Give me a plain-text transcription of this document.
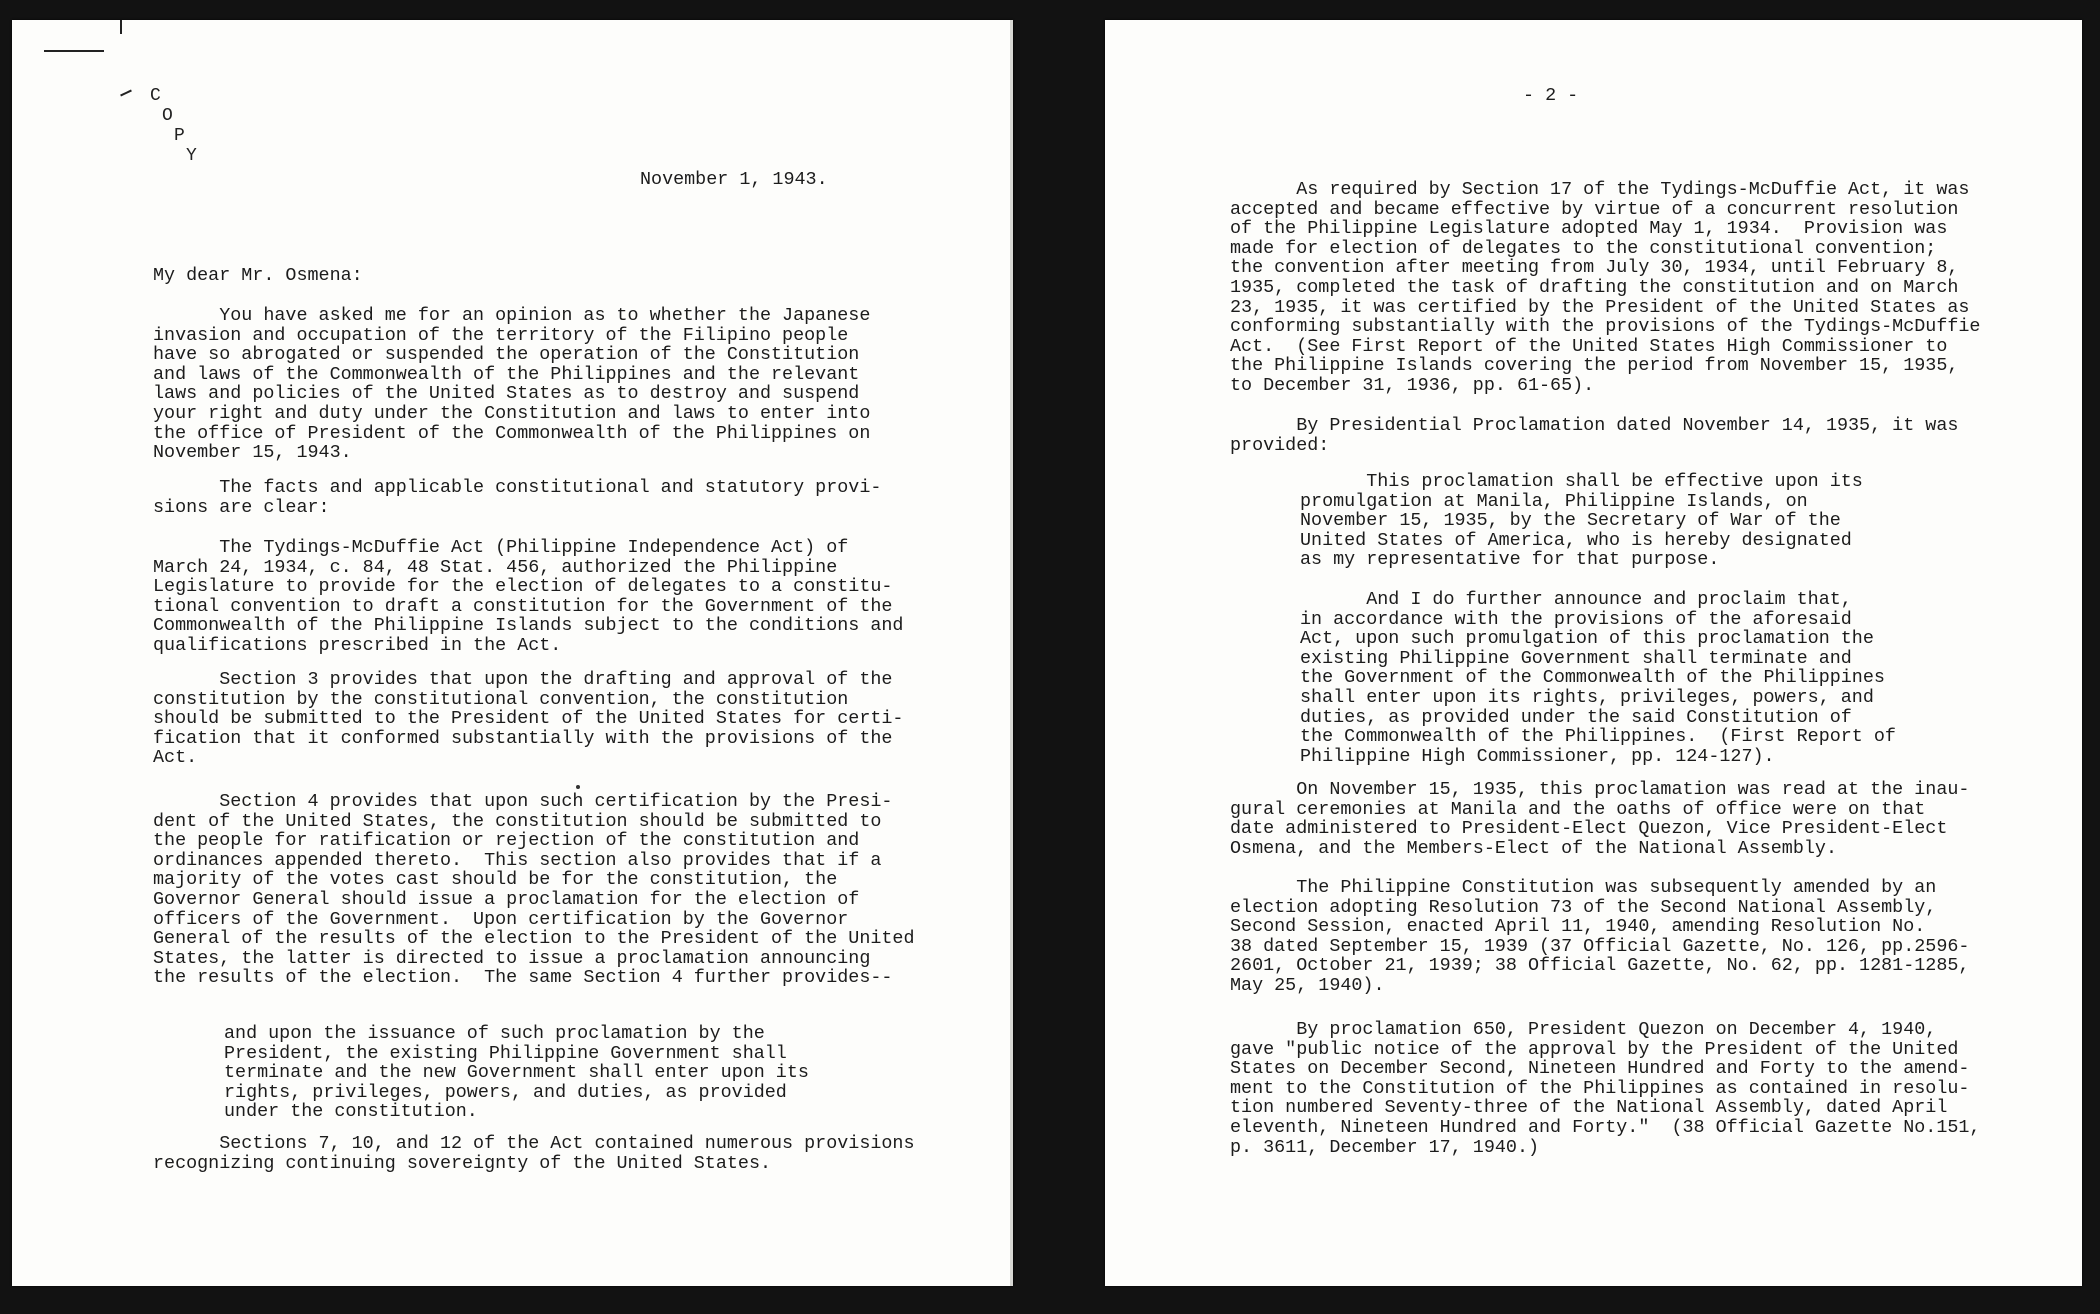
C
O
P
Y
November 1, 1943.
My dear Mr. Osmena:
You have asked me for an opinion as to whether the Japanese
invasion and occupation of the territory of the Filipino people
have so abrogated or suspended the operation of the Constitution
and laws of the Commonwealth of the Philippines and the relevant
laws and policies of the United States as to destroy and suspend
your right and duty under the Constitution and laws to enter into
the office of President of the Commonwealth of the Philippines on
November 15, 1943.
The facts and applicable constitutional and statutory provi-
sions are clear:
The Tydings-McDuffie Act (Philippine Independence Act) of
March 24, 1934, c. 84, 48 Stat. 456, authorized the Philippine
Legislature to provide for the election of delegates to a constitu-
tional convention to draft a constitution for the Government of the
Commonwealth of the Philippine Islands subject to the conditions and
qualifications prescribed in the Act.
Section 3 provides that upon the drafting and approval of the
constitution by the constitutional convention, the constitution
should be submitted to the President of the United States for certi-
fication that it conformed substantially with the provisions of the
Act.
Section 4 provides that upon such certification by the Presi-
dent of the United States, the constitution should be submitted to
the people for ratification or rejection of the constitution and
ordinances appended thereto.  This section also provides that if a
majority of the votes cast should be for the constitution, the
Governor General should issue a proclamation for the election of
officers of the Government.  Upon certification by the Governor
General of the results of the election to the President of the United
States, the latter is directed to issue a proclamation announcing
the results of the election.  The same Section 4 further provides--
and upon the issuance of such proclamation by the
President, the existing Philippine Government shall
terminate and the new Government shall enter upon its
rights, privileges, powers, and duties, as provided
under the constitution.
Sections 7, 10, and 12 of the Act contained numerous provisions
recognizing continuing sovereignty of the United States.
- 2 -
As required by Section 17 of the Tydings-McDuffie Act, it was
accepted and became effective by virtue of a concurrent resolution
of the Philippine Legislature adopted May 1, 1934.  Provision was
made for election of delegates to the constitutional convention;
the convention after meeting from July 30, 1934, until February 8,
1935, completed the task of drafting the constitution and on March
23, 1935, it was certified by the President of the United States as
conforming substantially with the provisions of the Tydings-McDuffie
Act.  (See First Report of the United States High Commissioner to
the Philippine Islands covering the period from November 15, 1935,
to December 31, 1936, pp. 61-65).
By Presidential Proclamation dated November 14, 1935, it was
provided:
This proclamation shall be effective upon its
promulgation at Manila, Philippine Islands, on
November 15, 1935, by the Secretary of War of the
United States of America, who is hereby designated
as my representative for that purpose.
And I do further announce and proclaim that,
in accordance with the provisions of the aforesaid
Act, upon such promulgation of this proclamation the
existing Philippine Government shall terminate and
the Government of the Commonwealth of the Philippines
shall enter upon its rights, privileges, powers, and
duties, as provided under the said Constitution of
the Commonwealth of the Philippines.  (First Report of
Philippine High Commissioner, pp. 124-127).
On November 15, 1935, this proclamation was read at the inau-
gural ceremonies at Manila and the oaths of office were on that
date administered to President-Elect Quezon, Vice President-Elect
Osmena, and the Members-Elect of the National Assembly.
The Philippine Constitution was subsequently amended by an
election adopting Resolution 73 of the Second National Assembly,
Second Session, enacted April 11, 1940, amending Resolution No.
38 dated September 15, 1939 (37 Official Gazette, No. 126, pp.2596-
2601, October 21, 1939; 38 Official Gazette, No. 62, pp. 1281-1285,
May 25, 1940).
By proclamation 650, President Quezon on December 4, 1940,
gave "public notice of the approval by the President of the United
States on December Second, Nineteen Hundred and Forty to the amend-
ment to the Constitution of the Philippines as contained in resolu-
tion numbered Seventy-three of the National Assembly, dated April
eleventh, Nineteen Hundred and Forty."  (38 Official Gazette No.151,
p. 3611, December 17, 1940.)
